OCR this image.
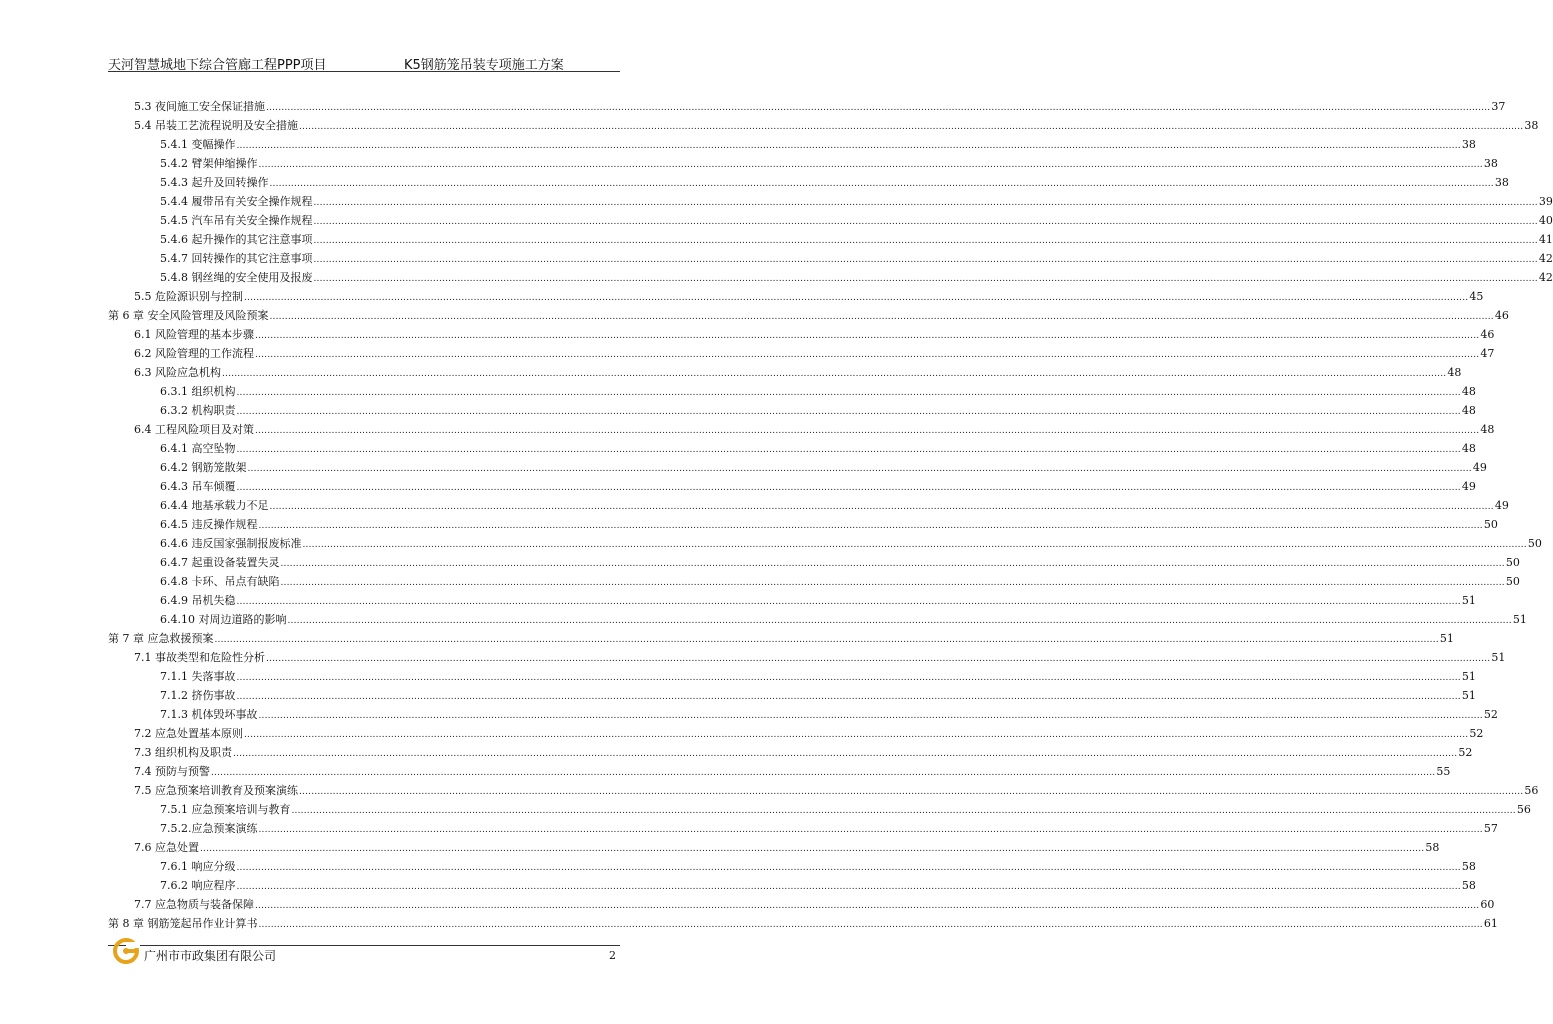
天河智慧城地下综合管廊工程PPP项目	K5钢筋笼吊装专项施工方案
5.3 夜间施工安全保证措施 ................................................................................................................................................................................................................................................................................................................................................................................................................ 37
5.4 吊装工艺流程说明及安全措施 ................................................................................................................................................................................................................................................................................................................................................................................................................ 38
5.4.1 变幅操作 ................................................................................................................................................................................................................................................................................................................................................................................................................ 38
5.4.2 臂架伸缩操作 ................................................................................................................................................................................................................................................................................................................................................................................................................ 38
5.4.3 起升及回转操作 ................................................................................................................................................................................................................................................................................................................................................................................................................ 38
5.4.4 履带吊有关安全操作规程 ................................................................................................................................................................................................................................................................................................................................................................................................................ 39
5.4.5 汽车吊有关安全操作规程 ................................................................................................................................................................................................................................................................................................................................................................................................................ 40
5.4.6 起升操作的其它注意事项 ................................................................................................................................................................................................................................................................................................................................................................................................................ 41
5.4.7 回转操作的其它注意事项 ................................................................................................................................................................................................................................................................................................................................................................................................................ 42
5.4.8 钢丝绳的安全使用及报废 ................................................................................................................................................................................................................................................................................................................................................................................................................ 42
5.5 危险源识别与控制 ................................................................................................................................................................................................................................................................................................................................................................................................................ 45
第 6 章 安全风险管理及风险预案 ................................................................................................................................................................................................................................................................................................................................................................................................................ 46
6.1 风险管理的基本步骤 ................................................................................................................................................................................................................................................................................................................................................................................................................ 46
6.2 风险管理的工作流程 ................................................................................................................................................................................................................................................................................................................................................................................................................ 47
6.3 风险应急机构 ................................................................................................................................................................................................................................................................................................................................................................................................................ 48
6.3.1 组织机构 ................................................................................................................................................................................................................................................................................................................................................................................................................ 48
6.3.2 机构职责 ................................................................................................................................................................................................................................................................................................................................................................................................................ 48
6.4 工程风险项目及对策 ................................................................................................................................................................................................................................................................................................................................................................................................................ 48
6.4.1 高空坠物 ................................................................................................................................................................................................................................................................................................................................................................................................................ 48
6.4.2 钢筋笼散架 ................................................................................................................................................................................................................................................................................................................................................................................................................ 49
6.4.3 吊车倾覆 ................................................................................................................................................................................................................................................................................................................................................................................................................ 49
6.4.4 地基承载力不足 ................................................................................................................................................................................................................................................................................................................................................................................................................ 49
6.4.5 违反操作规程 ................................................................................................................................................................................................................................................................................................................................................................................................................ 50
6.4.6 违反国家强制报废标准 ................................................................................................................................................................................................................................................................................................................................................................................................................ 50
6.4.7 起重设备装置失灵 ................................................................................................................................................................................................................................................................................................................................................................................................................ 50
6.4.8 卡环、吊点有缺陷 ................................................................................................................................................................................................................................................................................................................................................................................................................ 50
6.4.9 吊机失稳 ................................................................................................................................................................................................................................................................................................................................................................................................................ 51
6.4.10 对周边道路的影响 ................................................................................................................................................................................................................................................................................................................................................................................................................ 51
第 7 章 应急救援预案 ................................................................................................................................................................................................................................................................................................................................................................................................................ 51
7.1 事故类型和危险性分析 ................................................................................................................................................................................................................................................................................................................................................................................................................ 51
7.1.1 失落事故 ................................................................................................................................................................................................................................................................................................................................................................................................................ 51
7.1.2 挤伤事故 ................................................................................................................................................................................................................................................................................................................................................................................................................ 51
7.1.3 机体毁坏事故 ................................................................................................................................................................................................................................................................................................................................................................................................................ 52
7.2 应急处置基本原则 ................................................................................................................................................................................................................................................................................................................................................................................................................ 52
7.3 组织机构及职责 ................................................................................................................................................................................................................................................................................................................................................................................................................ 52
7.4 预防与预警 ................................................................................................................................................................................................................................................................................................................................................................................................................ 55
7.5 应急预案培训教育及预案演练 ................................................................................................................................................................................................................................................................................................................................................................................................................ 56
7.5.1 应急预案培训与教育 ................................................................................................................................................................................................................................................................................................................................................................................................................ 56
7.5.2.应急预案演练 ................................................................................................................................................................................................................................................................................................................................................................................................................ 57
7.6 应急处置 ................................................................................................................................................................................................................................................................................................................................................................................................................ 58
7.6.1 响应分级 ................................................................................................................................................................................................................................................................................................................................................................................................................ 58
7.6.2 响应程序 ................................................................................................................................................................................................................................................................................................................................................................................................................ 58
7.7 应急物质与装备保障 ................................................................................................................................................................................................................................................................................................................................................................................................................ 60
第 8 章 钢筋笼起吊作业计算书 ................................................................................................................................................................................................................................................................................................................................................................................................................ 61
广州市市政集团有限公司	2
